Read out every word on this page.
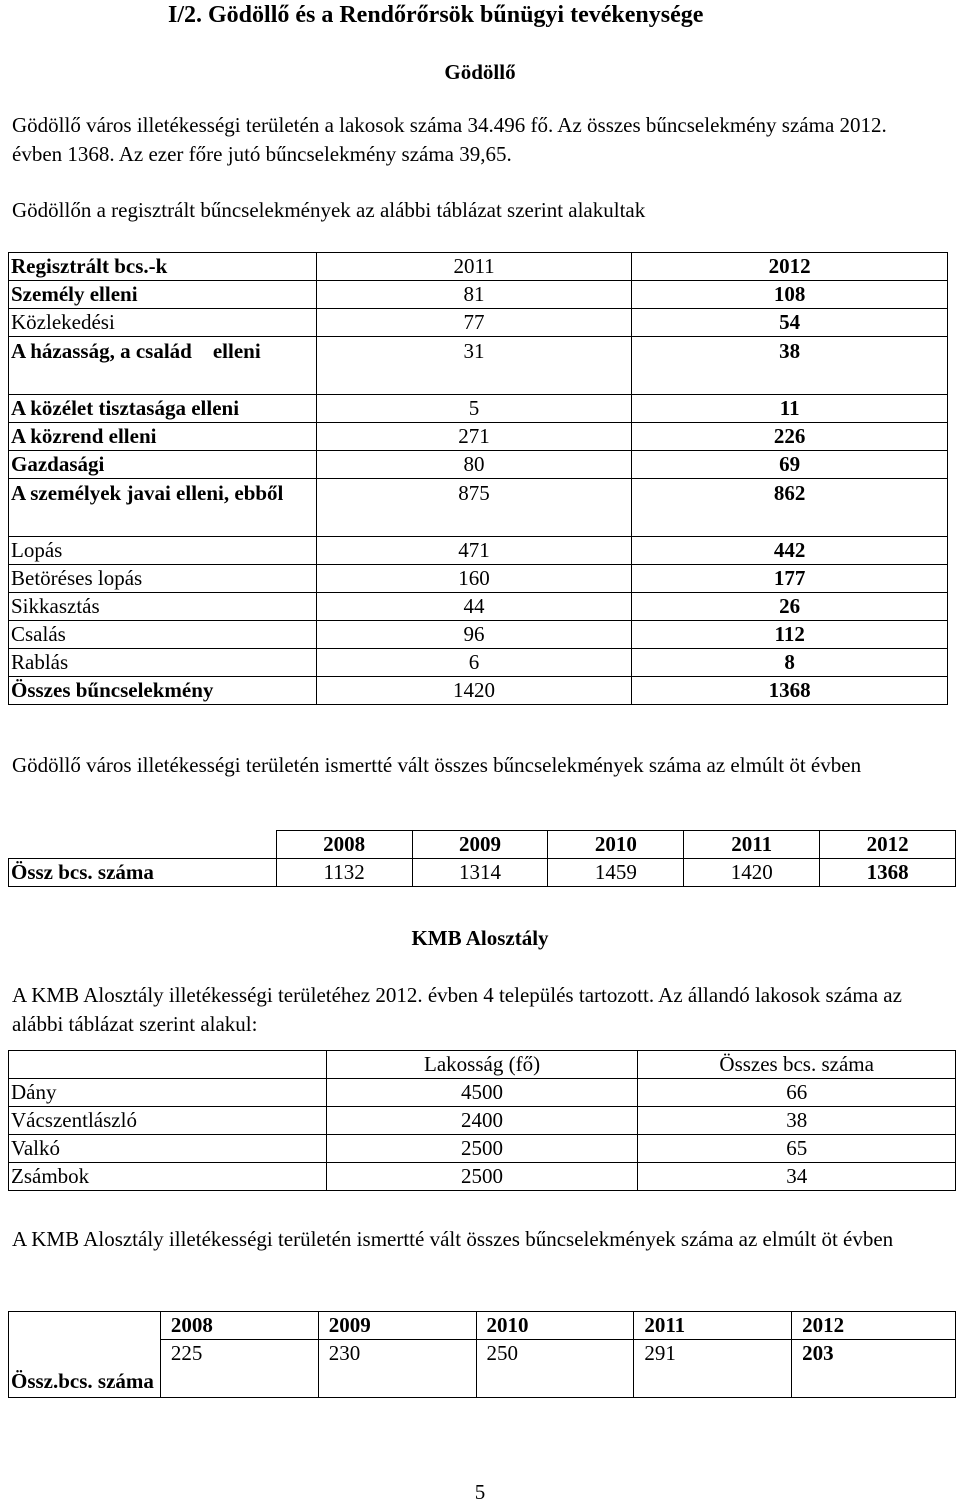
I/2. Gödöllő és a Rendőrőrsök bűnügyi tevékenysége
Gödöllő

Gödöllő város illetékességi területén a lakosok száma 34.496 fő. Az összes bűncselekmény száma 2012. évben 1368. Az ezer főre jutó bűncselekmény száma 39,65.

Gödöllőn a regisztrált bűncselekmények az alábbi táblázat szerint alakultak

Regisztrált bcs.-k	2011	2012
Személy elleni	81	108
Közlekedési	77	54
A házasság, a család    elleni	31	38
A közélet tisztasága elleni	5	11
A közrend elleni	271	226
Gazdasági	80	69
A személyek javai elleni, ebből	875	862
Lopás	471	442
Betöréses lopás	160	177
Sikkasztás	44	26
Csalás	96	112
Rablás	6	8
Összes bűncselekmény	1420	1368

Gödöllő város illetékességi területén ismertté vált összes bűncselekmények száma az elmúlt öt évben

	2008	2009	2010	2011	2012
Össz bcs. száma	1132	1314	1459	1420	1368
KMB Alosztály

A KMB Alosztály illetékességi területéhez 2012. évben 4 település tartozott. Az állandó lakosok száma az alábbi táblázat szerint alakul:

	Lakosság (fő)	Összes bcs. száma
Dány	4500	66
Vácszentlászló	2400	38
Valkó	2500	65
Zsámbok	2500	34

A KMB Alosztály illetékességi területén ismertté vált összes bűncselekmények száma az elmúlt öt évben

	2008	2009	2010	2011	2012
Össz.bcs. száma	225	230	250	291	203
5
